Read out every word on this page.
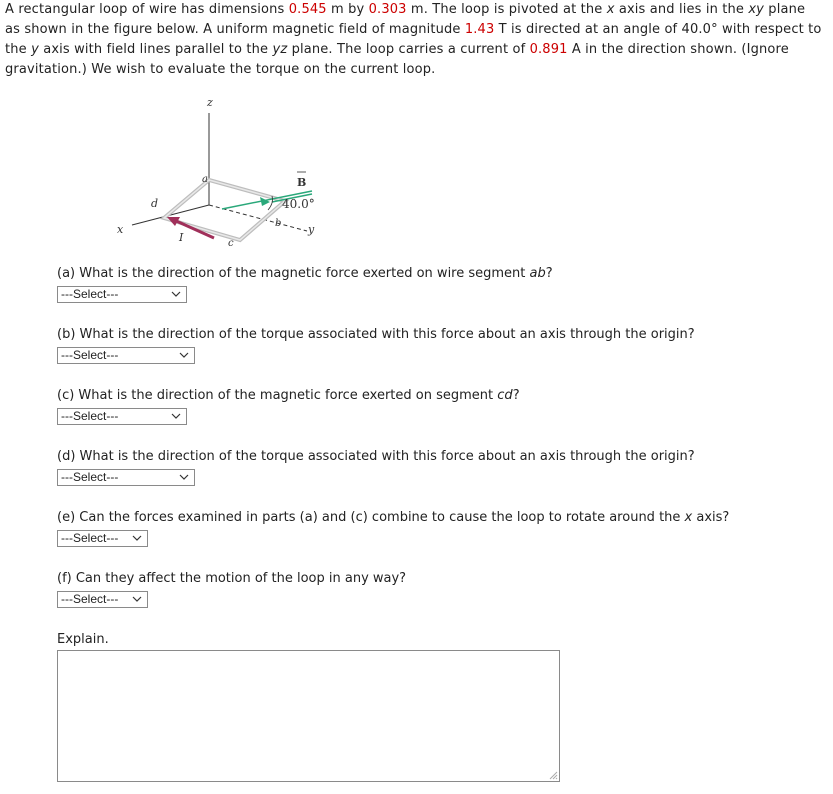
A rectangular loop of wire has dimensions 0.545 m by 0.303 m. The loop is pivoted at the x axis and lies in the xy plane as shown in the figure below. A uniform magnetic field of magnitude 1.43 T is directed at an angle of 40.0° with respect to the y axis with field lines parallel to the yz plane. The loop carries a current of 0.891 A in the direction shown. (Ignore gravitation.) We wish to evaluate the torque on the current loop.
z
x	y
a
b
c
d
I
B
40.0°
(a) What is the direction of the magnetic force exerted on wire segment ab?
---Select---
(b) What is the direction of the torque associated with this force about an axis through the origin?
---Select---
(c) What is the direction of the magnetic force exerted on segment cd?
---Select---
(d) What is the direction of the torque associated with this force about an axis through the origin?
---Select---
(e) Can the forces examined in parts (a) and (c) combine to cause the loop to rotate around the x axis?
---Select---
(f) Can they affect the motion of the loop in any way?
---Select---
Explain.
